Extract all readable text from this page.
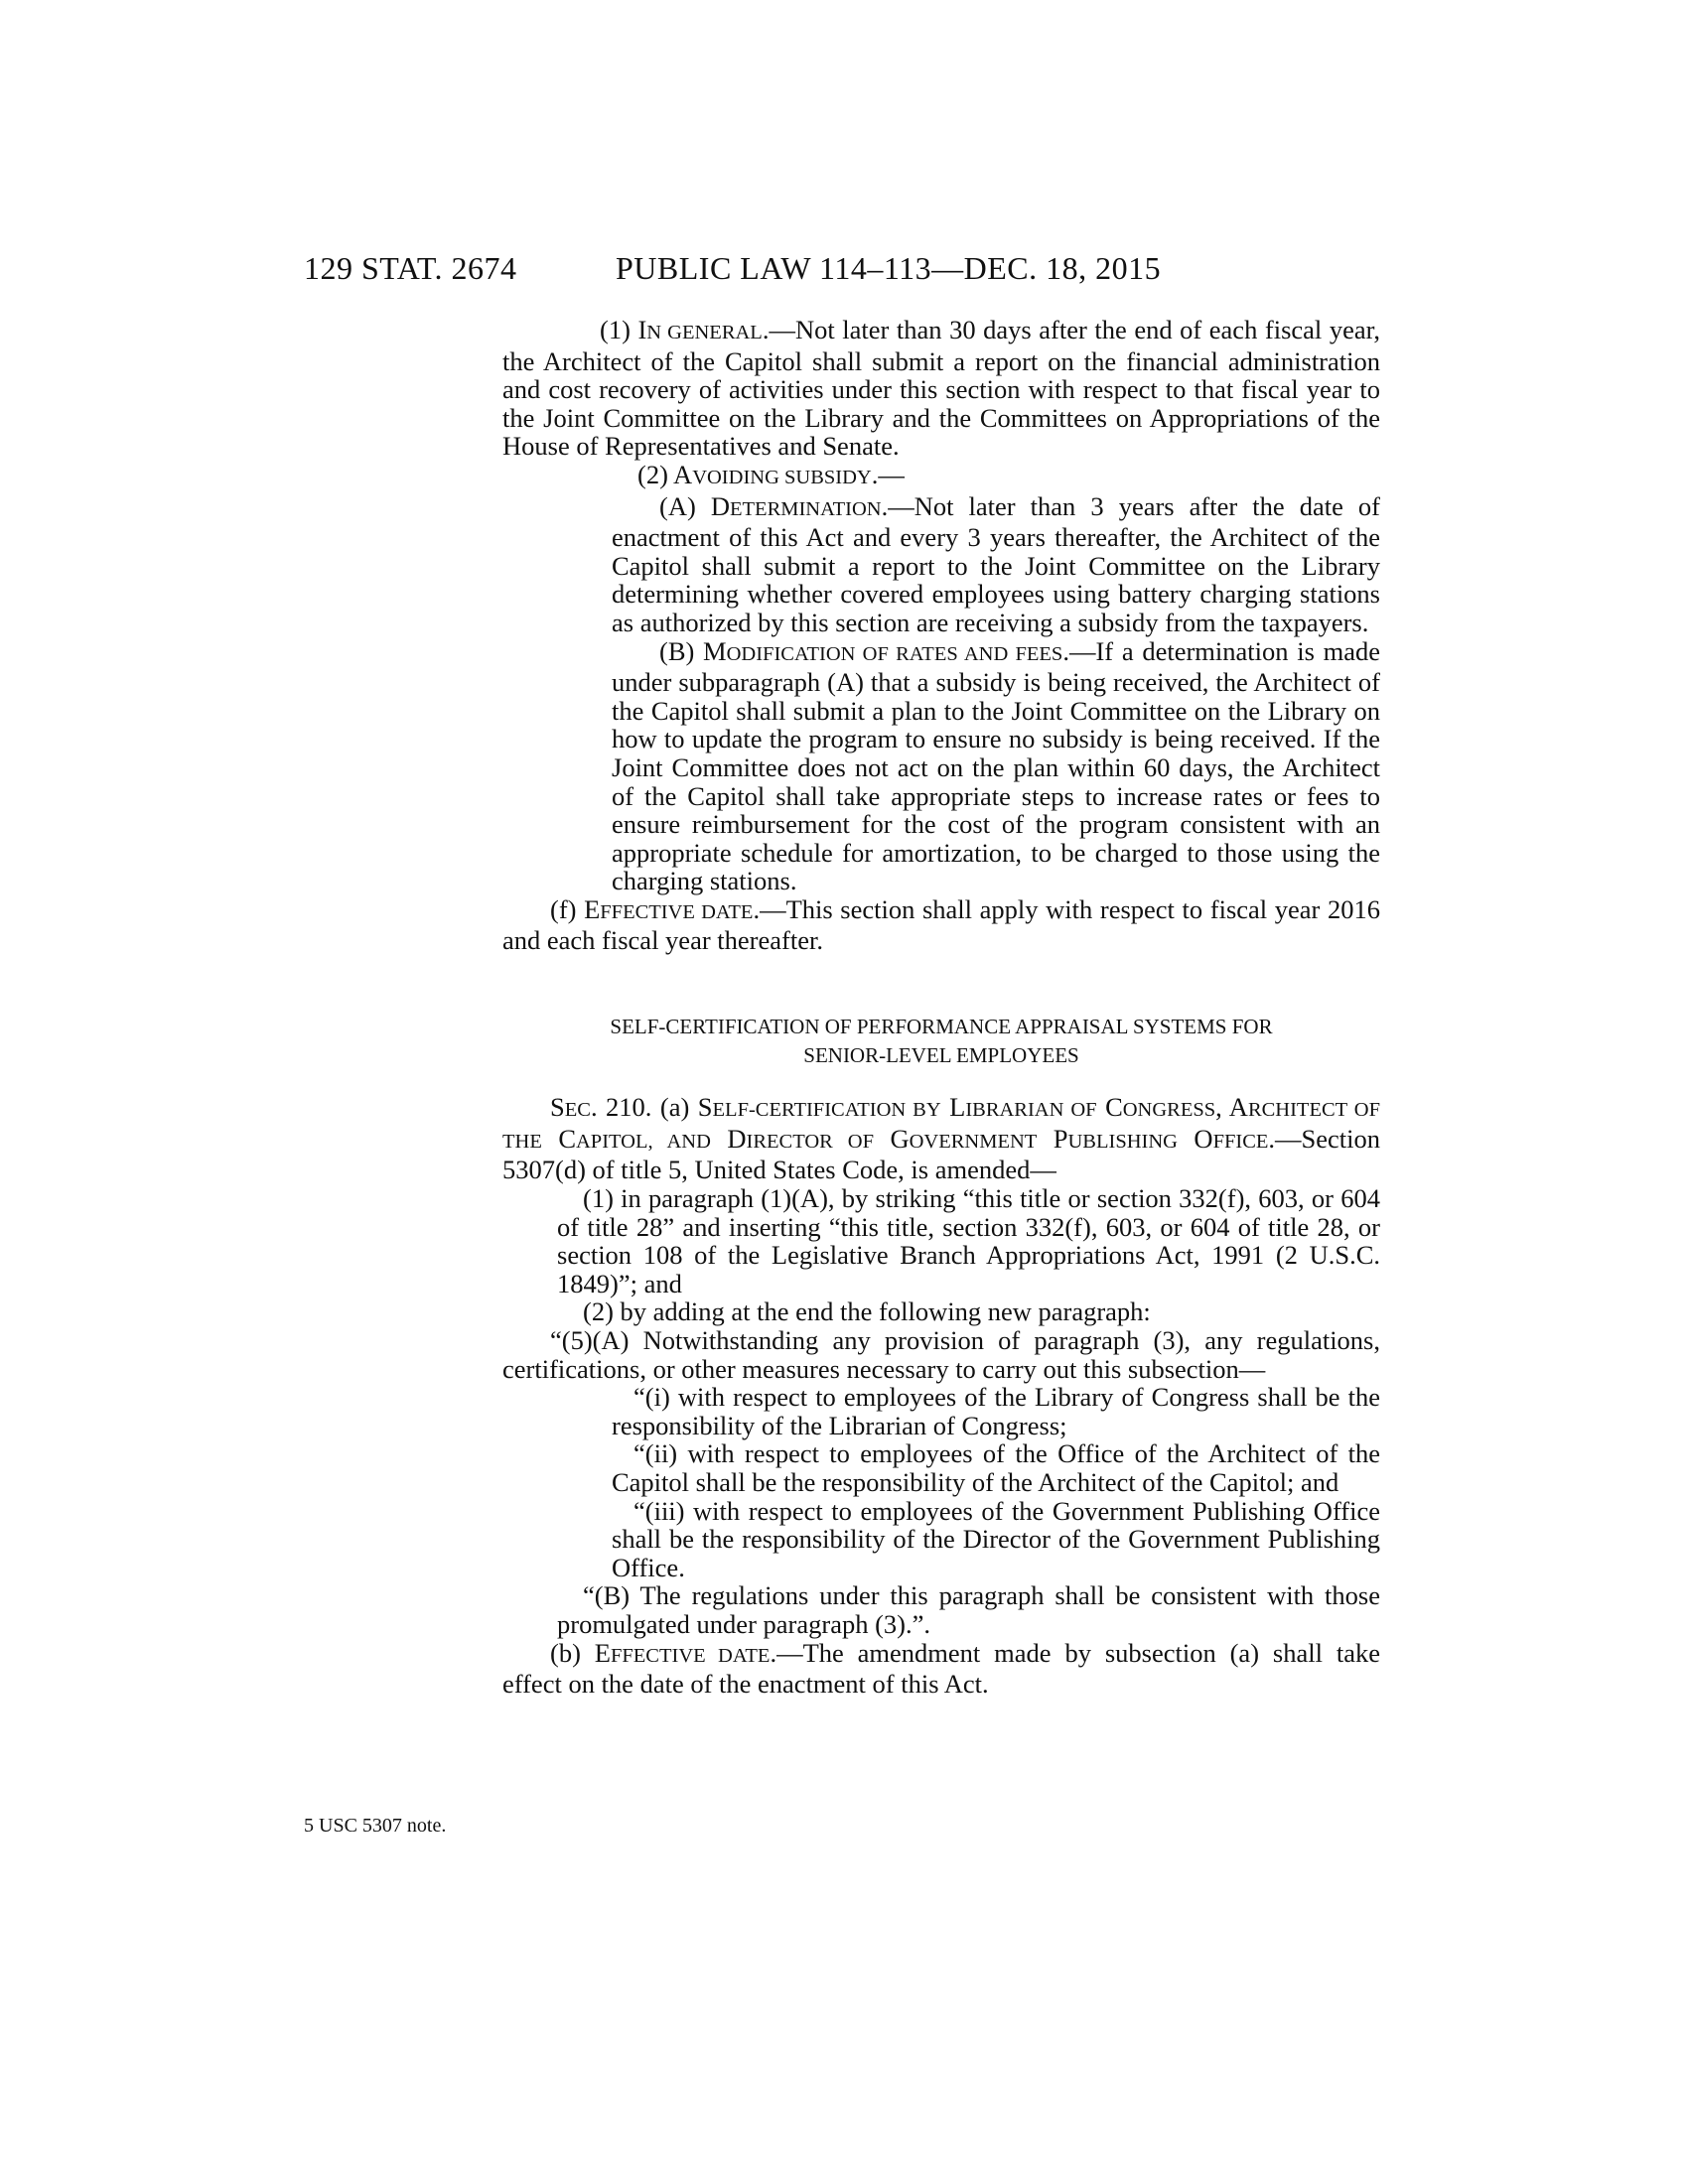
129 STAT. 2674	PUBLIC LAW 114–113—DEC. 18, 2015
5 USC 5307 note.

(1) IN GENERAL.—Not later than 30 days after the end of each fiscal year, the Architect of the Capitol shall submit a report on the financial administration and cost recovery of activities under this section with respect to that fiscal year to the Joint Committee on the Library and the Committees on Appropriations of the House of Representatives and Senate.

(2) AVOIDING SUBSIDY.—

(A) DETERMINATION.—Not later than 3 years after the date of enactment of this Act and every 3 years thereafter, the Architect of the Capitol shall submit a report to the Joint Committee on the Library determining whether covered employees using battery charging stations as authorized by this section are receiving a subsidy from the taxpayers.

(B) MODIFICATION OF RATES AND FEES.—If a determination is made under subparagraph (A) that a subsidy is being received, the Architect of the Capitol shall submit a plan to the Joint Committee on the Library on how to update the program to ensure no subsidy is being received. If the Joint Committee does not act on the plan within 60 days, the Architect of the Capitol shall take appropriate steps to increase rates or fees to ensure reimbursement for the cost of the program consistent with an appropriate schedule for amortization, to be charged to those using the charging stations.

(f) EFFECTIVE DATE.—This section shall apply with respect to fiscal year 2016 and each fiscal year thereafter.

SELF-CERTIFICATION OF PERFORMANCE APPRAISAL SYSTEMS FOR

SENIOR-LEVEL EMPLOYEES

SEC. 210. (a) SELF-CERTIFICATION BY LIBRARIAN OF CONGRESS, ARCHITECT OF THE CAPITOL, AND DIRECTOR OF GOVERNMENT PUBLISHING OFFICE.—Section 5307(d) of title 5, United States Code, is amended—

(1) in paragraph (1)(A), by striking “this title or section 332(f), 603, or 604 of title 28” and inserting “this title, section 332(f), 603, or 604 of title 28, or section 108 of the Legislative Branch Appropriations Act, 1991 (2 U.S.C. 1849)”; and

(2) by adding at the end the following new paragraph:

“(5)(A) Notwithstanding any provision of paragraph (3), any regulations, certifications, or other measures necessary to carry out this subsection—

“(i) with respect to employees of the Library of Congress shall be the responsibility of the Librarian of Congress;

“(ii) with respect to employees of the Office of the Architect of the Capitol shall be the responsibility of the Architect of the Capitol; and

“(iii) with respect to employees of the Government Publishing Office shall be the responsibility of the Director of the Government Publishing Office.

“(B) The regulations under this paragraph shall be consistent with those promulgated under paragraph (3).”.

(b) EFFECTIVE DATE.—The amendment made by subsection (a) shall take effect on the date of the enactment of this Act.
